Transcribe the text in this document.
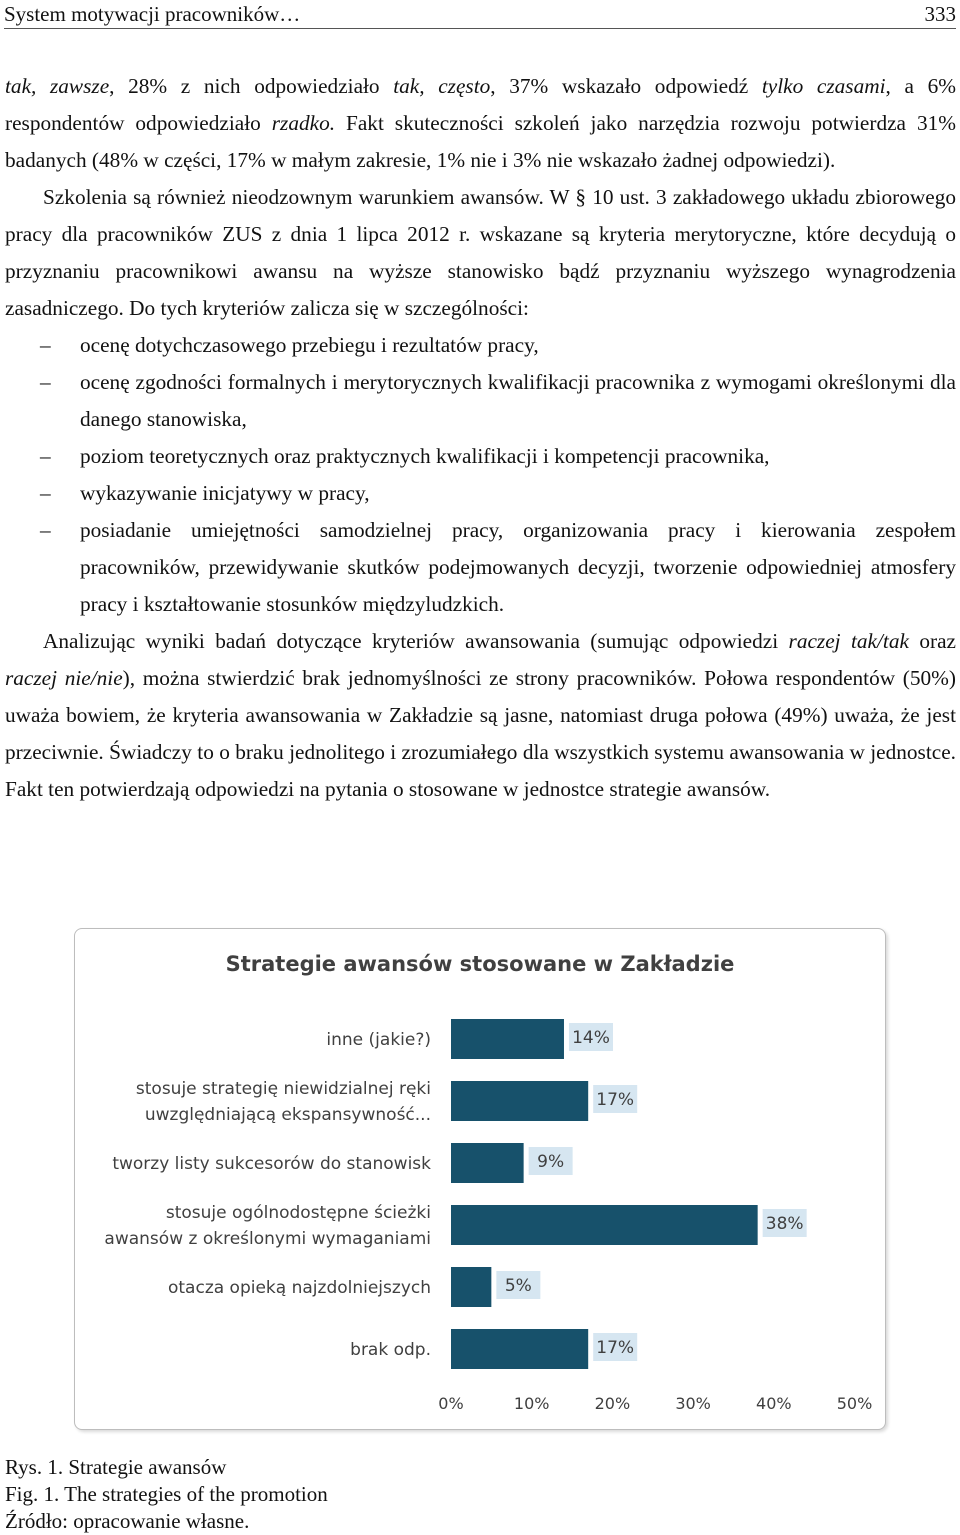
System motywacji pracowników…	333

tak, zawsze, 28% z nich odpowiedziało tak, często, 37% wskazało odpowiedź tylko czasami, a 6% respondentów odpowiedziało rzadko. Fakt skuteczności szkoleń jako narzędzia rozwoju potwierdza 31% badanych (48% w części, 17% w małym zakresie, 1% nie i 3% nie wskazało żadnej odpowiedzi).

Szkolenia są również nieodzownym warunkiem awansów. W § 10 ust. 3 zakładowego układu zbiorowego pracy dla pracowników ZUS z dnia 1 lipca 2012 r. wskazane są kryteria merytoryczne, które decydują o przyznaniu pracownikowi awansu na wyższe stanowisko bądź przyznaniu wyższego wynagrodzenia zasadniczego. Do tych kryteriów zalicza się w szczególności:

– ocenę dotychczasowego przebiegu i rezultatów pracy,
– ocenę zgodności formalnych i merytorycznych kwalifikacji pracownika z wymogami określonymi dla danego stanowiska,
– poziom teoretycznych oraz praktycznych kwalifikacji i kompetencji pracownika,
– wykazywanie inicjatywy w pracy,
– posiadanie umiejętności samodzielnej pracy, organizowania pracy i kierowania zespołem pracowników, przewidywanie skutków podejmowanych decyzji, tworzenie odpowiedniej atmosfery pracy i kształtowanie stosunków międzyludzkich.

Analizując wyniki badań dotyczące kryteriów awansowania (sumując odpowiedzi raczej tak/tak oraz raczej nie/nie), można stwierdzić brak jednomyślności ze strony pracowników. Połowa respondentów (50%) uważa bowiem, że kryteria awansowania w Zakładzie są jasne, natomiast druga połowa (49%) uważa, że jest przeciwnie. Świadczy to o braku jednolitego i zrozumiałego dla wszystkich systemu awansowania w jednostce. Fakt ten potwierdzają odpowiedzi na pytania o stosowane w jednostce strategie awansów.

Strategie awansów stosowane w Zakładzie
14%
inne (jakie?)
17%
stosuje strategię niewidzialnej ręki
uwzględniającą ekspansywność...
9%
tworzy listy sukcesorów do stanowisk
38%
stosuje ogólnodostępne ścieżki
awansów z określonymi wymaganiami
5%
otacza opieką najzdolniejszych
17%
brak odp.
0%	10%	20%	30%	40%	50%
Rys. 1. Strategie awansów
Fig. 1. The strategies of the promotion
Źródło: opracowanie własne.
